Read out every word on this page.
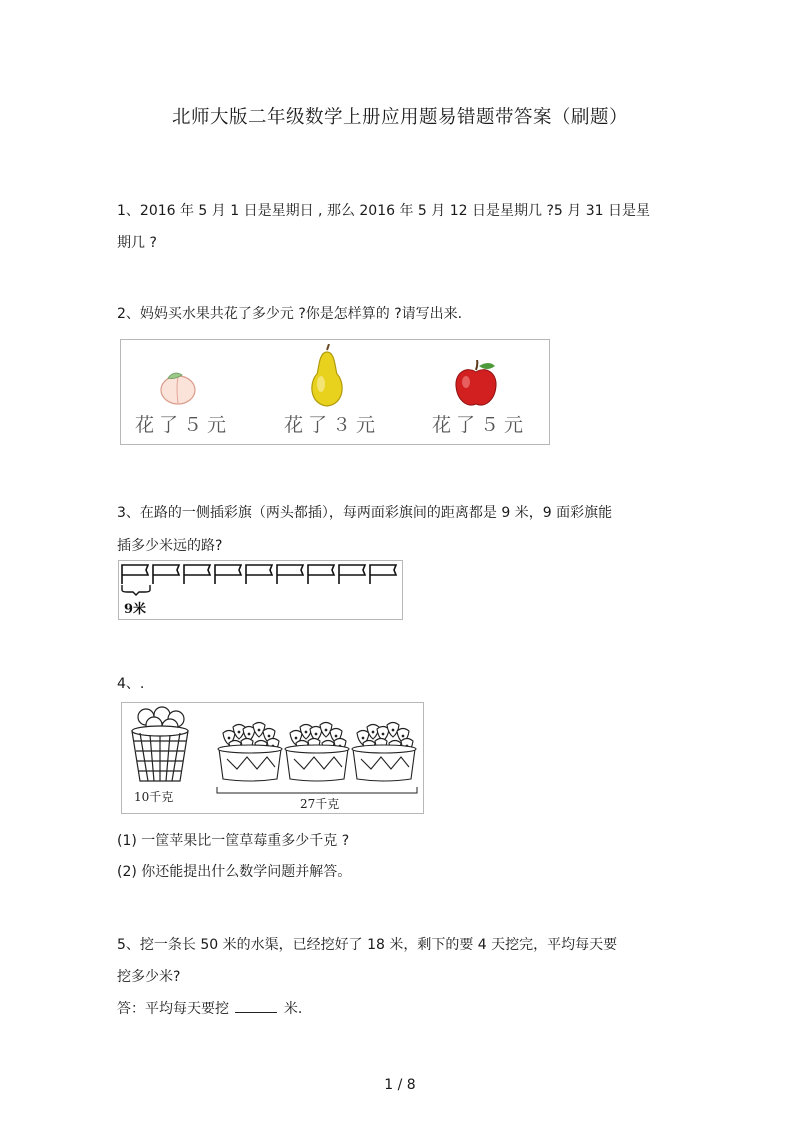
北师大版二年级数学上册应用题易错题带答案（刷题）
1、2016 年 5 月 1 日是星期日 , 那么 2016 年 5 月 12 日是星期几 ?5 月 31 日是星
期几 ?
2、妈妈买水果共花了多少元 ?你是怎样算的 ?请写出来.
花了５元	花了３元	花了５元
3、在路的一侧插彩旗（两头都插），每两面彩旗间的距离都是 9 米，9 面彩旗能
插多少米远的路?
9米
4、.
10千克	27千克
(1) 一筐苹果比一筐草莓重多少千克 ?
(2) 你还能提出什么数学问题并解答。
5、挖一条长 50 米的水渠，已经挖好了 18 米，剩下的要 4 天挖完，平均每天要
挖多少米?
答：平均每天要挖	米.
1 / 8
